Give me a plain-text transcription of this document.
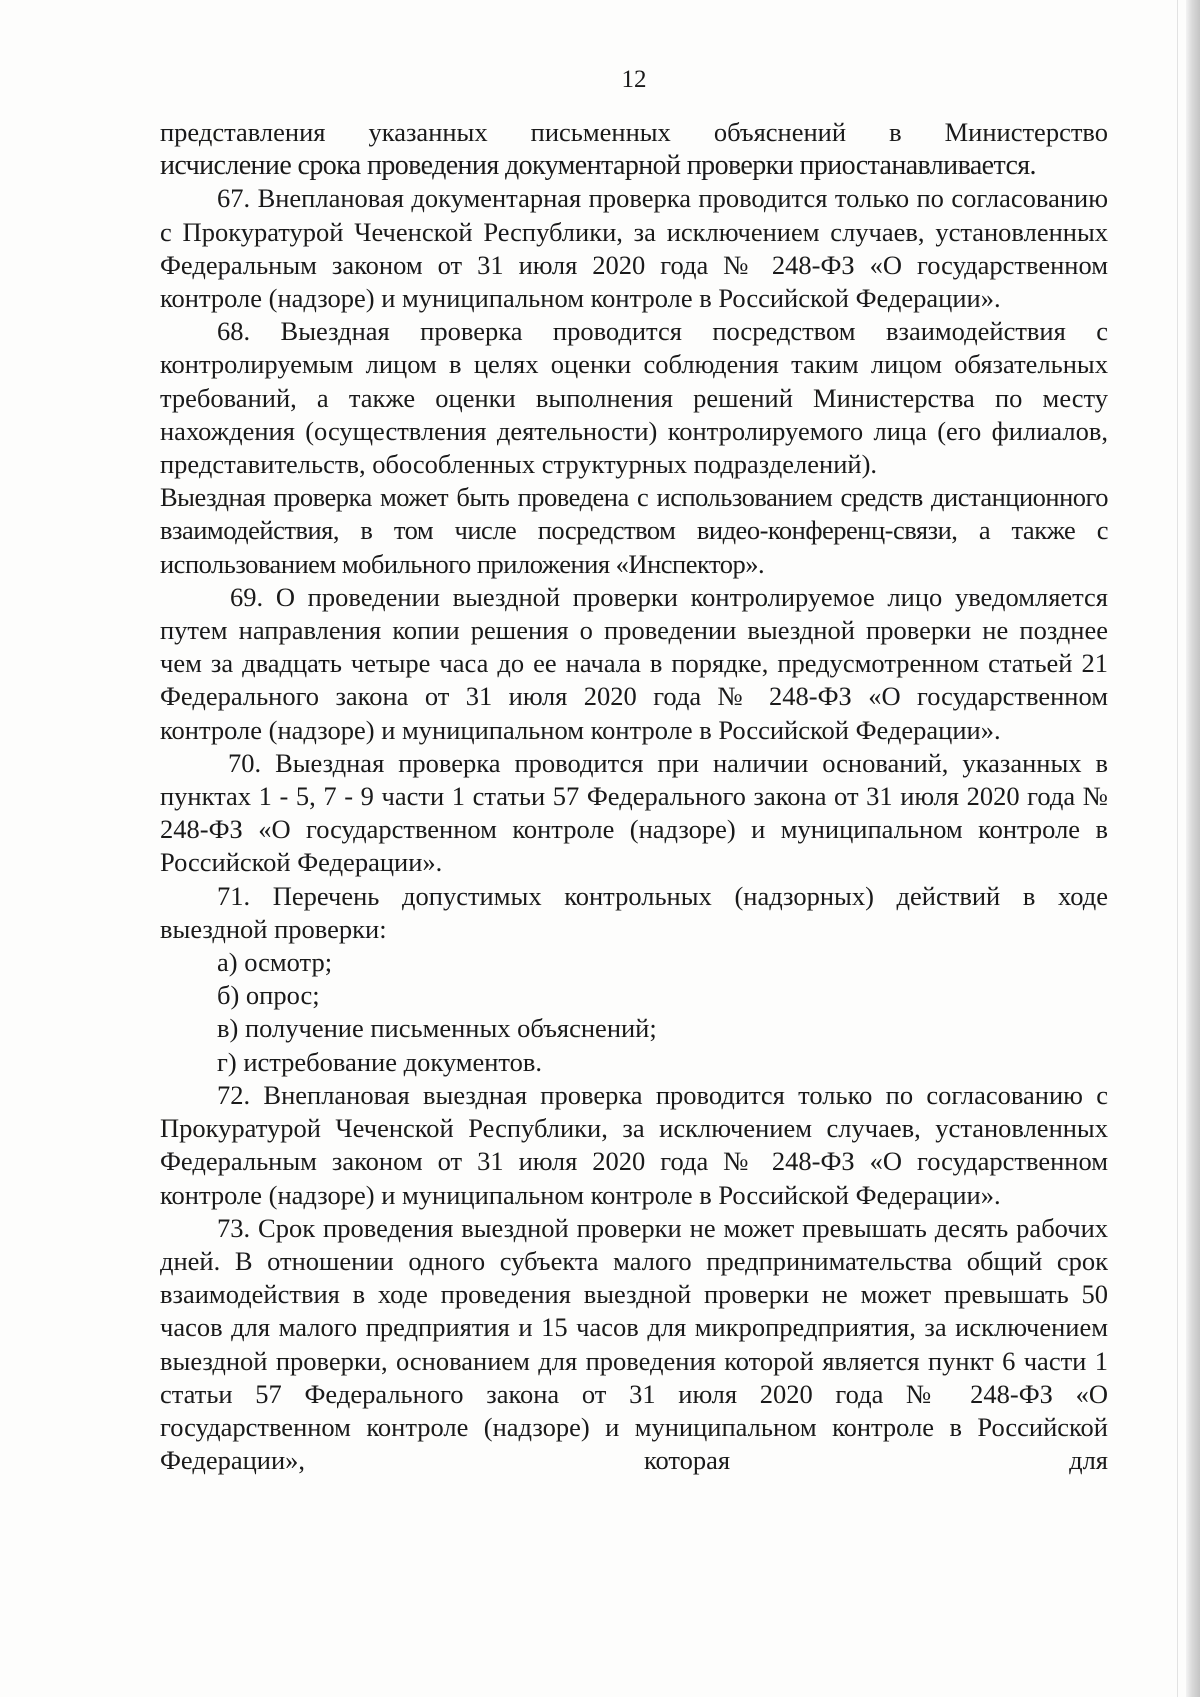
12

представления указанных письменных объяснений в Министерство

исчисление срока проведения документарной проверки приостанавливается.

67. Внеплановая документарная проверка проводится только по согласованию с Прокуратурой Чеченской Республики, за исключением случаев, установленных Федеральным законом от 31 июля 2020 года № 248-ФЗ «О государственном контроле (надзоре) и муниципальном контроле в Российской Федерации».

68. Выездная проверка проводится посредством взаимодействия с контролируемым лицом в целях оценки соблюдения таким лицом обязательных требований, а также оценки выполнения решений Министерства по месту нахождения (осуществления деятельности) контролируемого лица (его филиалов, представительств, обособленных структурных подразделений).

Выездная проверка может быть проведена с использованием средств дистанционного взаимодействия, в том числе посредством видео-конференц-связи, а также с использованием мобильного приложения «Инспектор».

69. О проведении выездной проверки контролируемое лицо уведомляется путем направления копии решения о проведении выездной проверки не позднее чем за двадцать четыре часа до ее начала в порядке, предусмотренном статьей 21 Федерального закона от 31 июля 2020 года № 248-ФЗ «О государственном контроле (надзоре) и муниципальном контроле в Российской Федерации».

70. Выездная проверка проводится при наличии оснований, указанных в пунктах 1 - 5, 7 - 9 части 1 статьи 57 Федерального закона от 31 июля 2020 года № 248-ФЗ «О государственном контроле (надзоре) и муниципальном контроле в Российской Федерации».

71. Перечень допустимых контрольных (надзорных) действий в ходе выездной проверки:

а) осмотр;

б) опрос;

в) получение письменных объяснений;

г) истребование документов.

72. Внеплановая выездная проверка проводится только по согласованию с Прокуратурой Чеченской Республики, за исключением случаев, установленных Федеральным законом от 31 июля 2020 года № 248-ФЗ «О государственном контроле (надзоре) и муниципальном контроле в Российской Федерации».

73. Срок проведения выездной проверки не может превышать десять рабочих дней. В отношении одного субъекта малого предпринимательства общий срок взаимодействия в ходе проведения выездной проверки не может превышать 50 часов для малого предприятия и 15 часов для микропредприятия, за исключением выездной проверки, основанием для проведения которой является пункт 6 части 1 статьи 57 Федерального закона от 31 июля 2020 года № 248-ФЗ «О государственном контроле (надзоре) и муниципальном контроле в Российской Федерации», которая для
